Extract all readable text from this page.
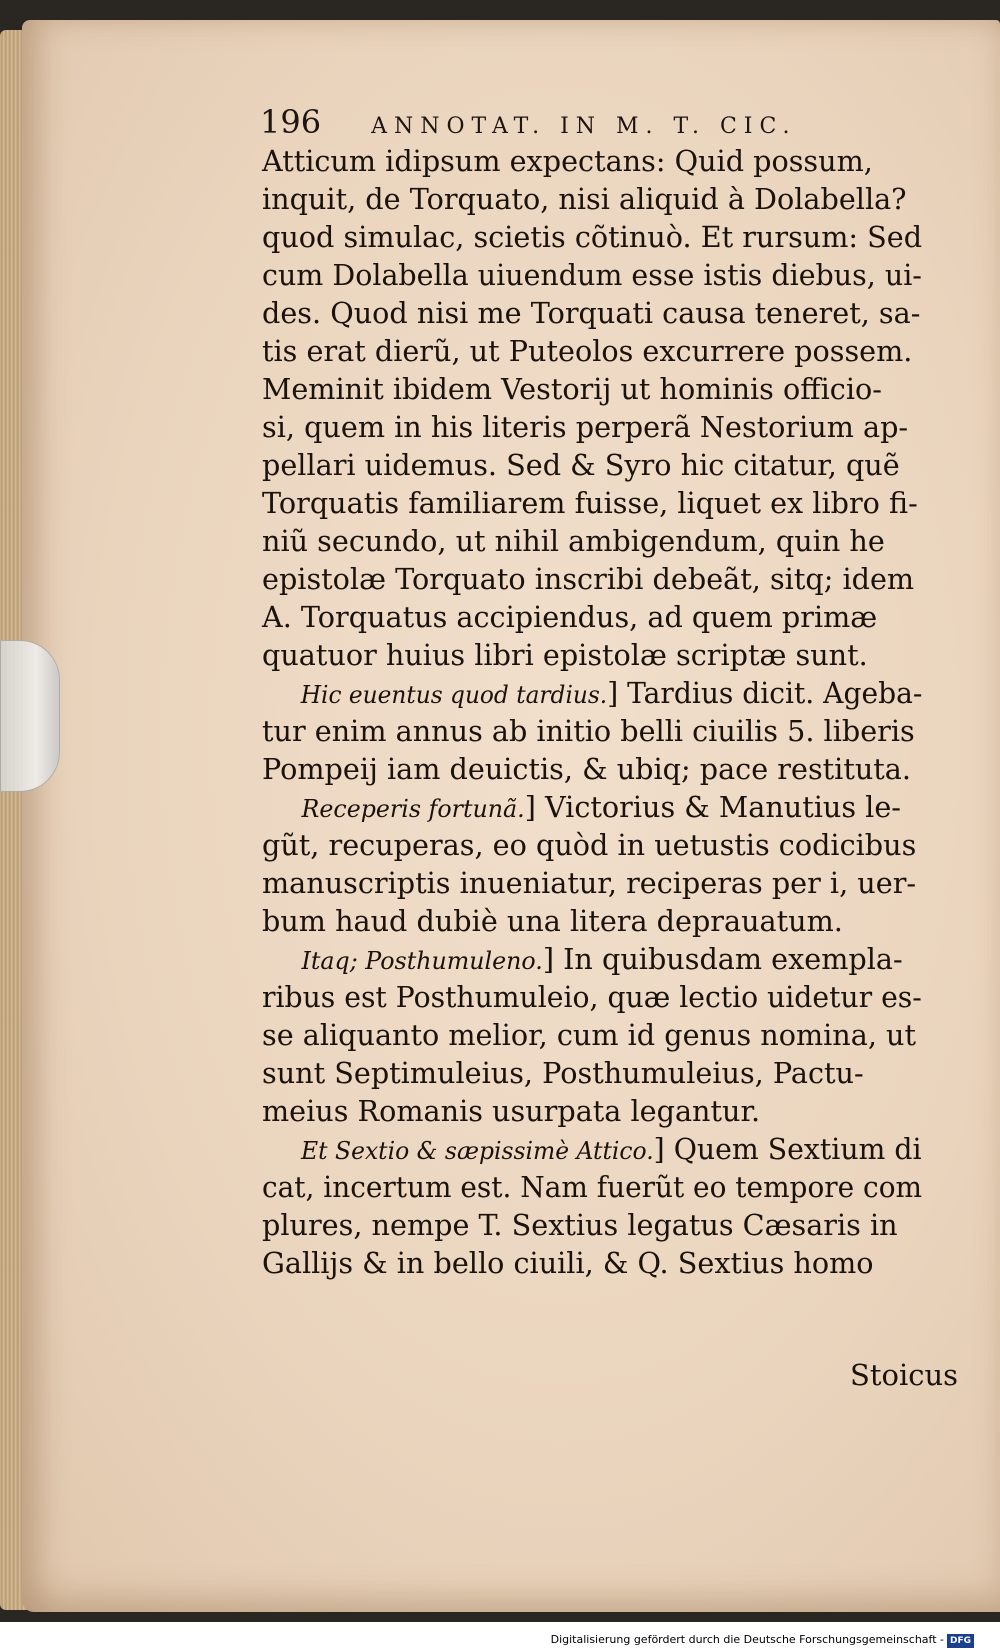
196 ANNOTAT. IN M. T. CIC.
Atticum idipsum expectans: Quid possum,
inquit, de Torquato, nisi aliquid à Dolabella?
quod simulac, scietis cõtinuò. Et rursum: Sed
cum Dolabella uiuendum esse istis diebus, ui-
des. Quod nisi me Torquati causa teneret, sa-
tis erat dierũ, ut Puteolos excurrere possem.
Meminit ibidem Vestorij ut hominis officio-
si, quem in his literis perperã Nestorium ap-
pellari uidemus. Sed & Syro hic citatur, quẽ
Torquatis familiarem fuisse, liquet ex libro fi-
niũ secundo, ut nihil ambigendum, quin he
epistolæ Torquato inscribi debeãt, sitq; idem
A. Torquatus accipiendus, ad quem primæ
quatuor huius libri epistolæ scriptæ sunt.
Hic euentus quod tardius.] Tardius dicit. Ageba-
tur enim annus ab initio belli ciuilis 5. liberis
Pompeij iam deuictis, & ubiq; pace restituta.
Receperis fortunã.] Victorius & Manutius le-
gũt, recuperas, eo quòd in uetustis codicibus
manuscriptis inueniatur, reciperas per i, uer-
bum haud dubiè una litera deprauatum.
Itaq; Posthumuleno.] In quibusdam exempla-
ribus est Posthumuleio, quæ lectio uidetur es-
se aliquanto melior, cum id genus nomina, ut
sunt Septimuleius, Posthumuleius, Pactu-
meius Romanis usurpata legantur.
Et Sextio & sæpissimè Attico.] Quem Sextium di
cat, incertum est. Nam fuerũt eo tempore com
plures, nempe T. Sextius legatus Cæsaris in
Gallijs & in bello ciuili, & Q. Sextius homo
Stoicus
Digitalisierung gefördert durch die Deutsche Forschungsgemeinschaft - DFG
